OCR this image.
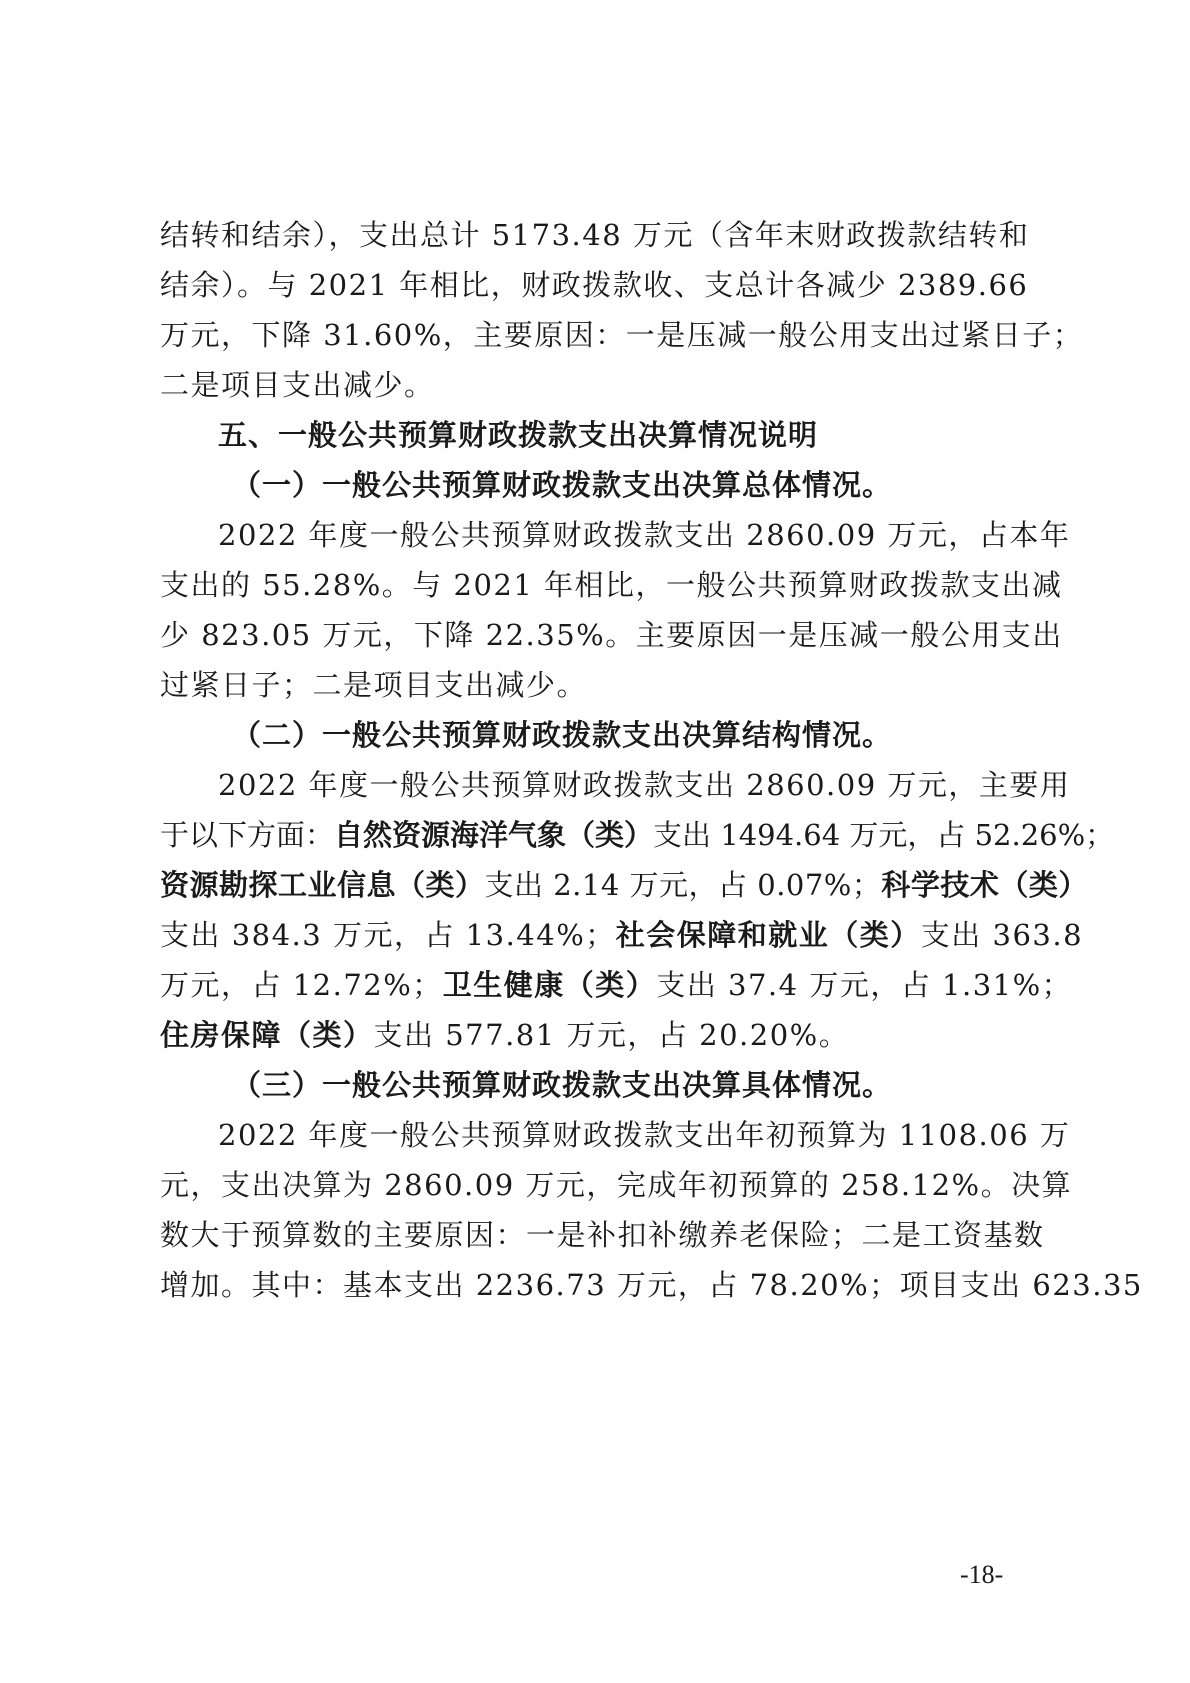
结转和结余），支出总计 5173.48 万元（含年末财政拨款结转和
结余）。与 2021 年相比，财政拨款收、支总计各减少 2389.66
万元，下降 31.60%，主要原因：一是压减一般公用支出过紧日子；
二是项目支出减少。
五、一般公共预算财政拨款支出决算情况说明
（一）一般公共预算财政拨款支出决算总体情况。
2022 年度一般公共预算财政拨款支出 2860.09 万元，占本年
支出的 55.28%。与 2021 年相比，一般公共预算财政拨款支出减
少 823.05 万元，下降 22.35%。主要原因一是压减一般公用支出
过紧日子；二是项目支出减少。
（二）一般公共预算财政拨款支出决算结构情况。
2022 年度一般公共预算财政拨款支出 2860.09 万元，主要用
于以下方面：自然资源海洋气象（类）支出 1494.64 万元，占 52.26%；
资源勘探工业信息（类）支出 2.14 万元，占 0.07%；科学技术（类）
支出 384.3 万元，占 13.44%；社会保障和就业（类）支出 363.8
万元，占 12.72%；卫生健康（类）支出 37.4 万元，占 1.31%；
住房保障（类）支出 577.81 万元，占 20.20%。
（三）一般公共预算财政拨款支出决算具体情况。
2022 年度一般公共预算财政拨款支出年初预算为 1108.06 万
元，支出决算为 2860.09 万元，完成年初预算的 258.12%。决算
数大于预算数的主要原因：一是补扣补缴养老保险；二是工资基数
增加。其中：基本支出 2236.73 万元，占 78.20%；项目支出 623.35
-18-
